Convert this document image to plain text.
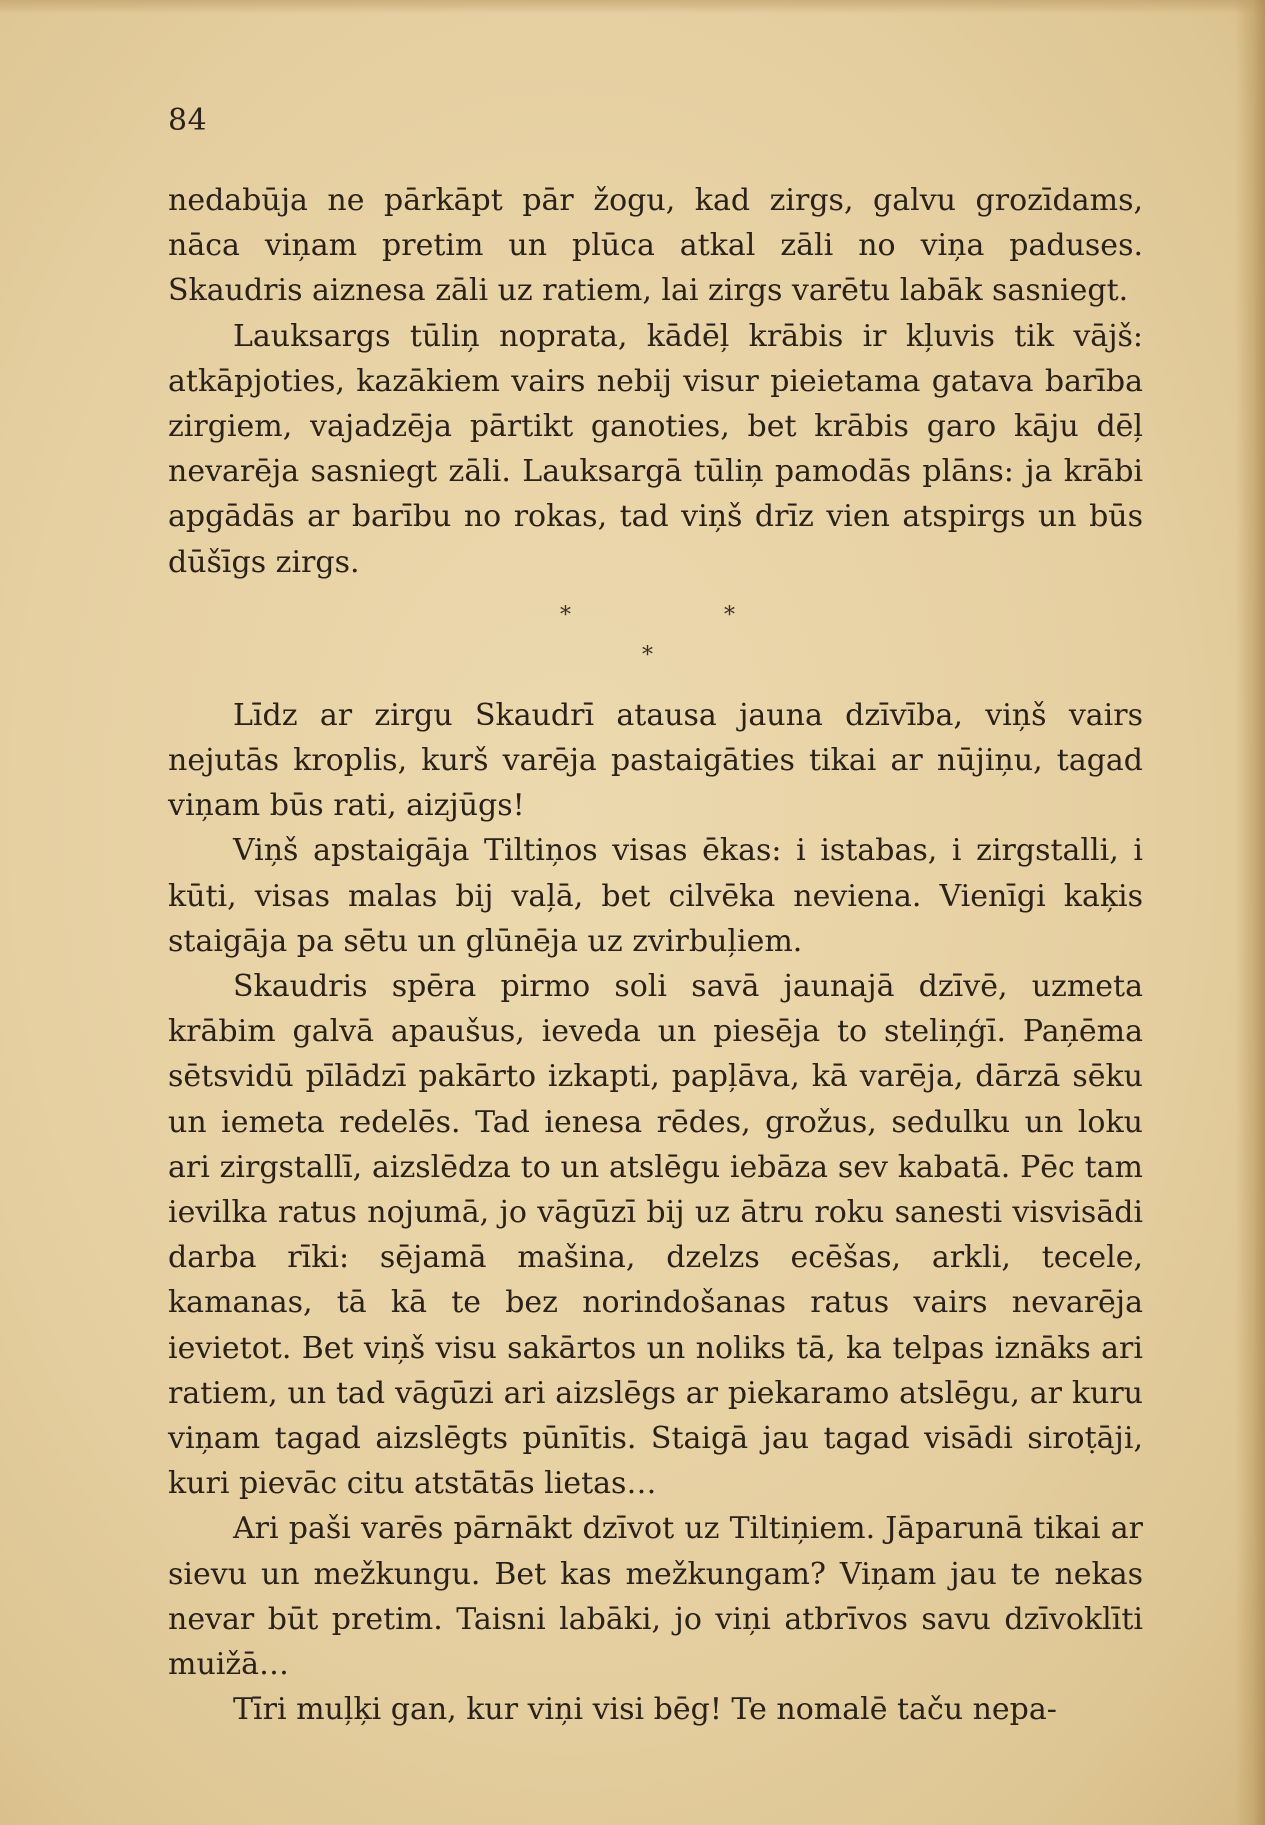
84

nedabūja ne pārkāpt pār žogu, kad zirgs, galvu grozīdams, nāca viņam pretim un plūca atkal zāli no viņa paduses. Skaudris aiznesa zāli uz ratiem, lai zirgs varētu labāk sasniegt.

Lauksargs tūliņ noprata, kādēļ krābis ir kļuvis tik vājš: atkāpjoties, kazākiem vairs nebij visur pieietama gatava barība zirgiem, vajadzēja pārtikt ganoties, bet krābis garo kāju dēļ nevarēja sasniegt zāli. Lauksargā tūliņ pamodās plāns: ja krābi apgādās ar barību no rokas, tad viņš drīz vien atspirgs un būs dūšīgs zirgs.

*	*
*

Līdz ar zirgu Skaudrī atausa jauna dzīvība, viņš vairs nejutās kroplis, kurš varēja pastaigāties tikai ar nūjiņu, tagad viņam būs rati, aizjūgs!

Viņš apstaigāja Tiltiņos visas ēkas: i istabas, i zirgstalli, i kūti, visas malas bij vaļā, bet cilvēka neviena. Vienīgi kaķis staigāja pa sētu un glūnēja uz zvirbuļiem.

Skaudris spēra pirmo soli savā jaunajā dzīvē, uzmeta krābim galvā apaušus, ieveda un piesēja to steliņģī. Paņēma sētsvidū pīlādzī pakārto izkapti, papļāva, kā varēja, dārzā sēku un iemeta redelēs. Tad ienesa rēdes, grožus, sedulku un loku ari zirgstallī, aizslēdza to un atslēgu iebāza sev kabatā. Pēc tam ievilka ratus nojumā, jo vāgūzī bij uz ātru roku sanesti visvisādi darba rīki: sējamā mašina, dzelzs ecēšas, arkli, tecele, kamanas, tā kā te bez norindošanas ratus vairs nevarēja ievietot. Bet viņš visu sakārtos un noliks tā, ka telpas iznāks ari ratiem, un tad vāgūzi ari aizslēgs ar piekaramo atslēgu, ar kuru viņam tagad aizslēgts pūnītis. Staigā jau tagad visādi siroṭāji, kuri pievāc citu atstātās lietas…

Ari paši varēs pārnākt dzīvot uz Tiltiņiem. Jāparunā tikai ar sievu un mežkungu. Bet kas mežkungam? Viņam jau te nekas nevar būt pretim. Taisni labāki, jo viņi atbrīvos savu dzīvoklīti muižā…

Tīri muļķi gan, kur viņi visi bēg! Te nomalē taču nepa-
